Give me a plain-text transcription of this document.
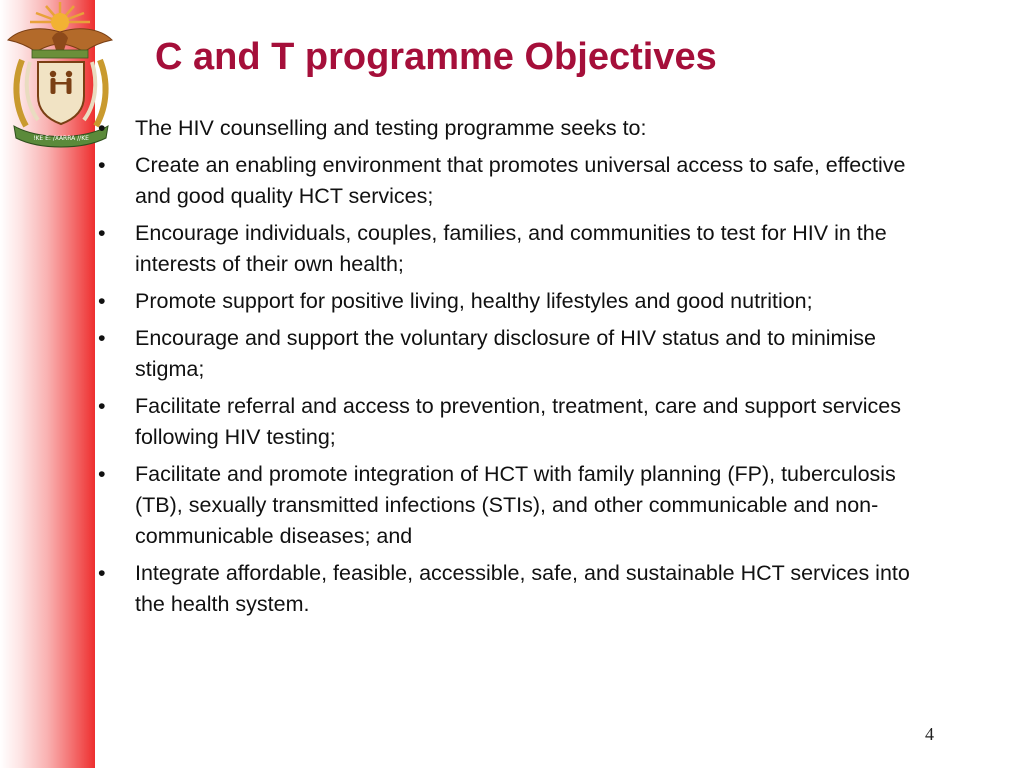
!KE E: /XARRA //KE
C and T programme Objectives
• The HIV counselling and testing programme seeks to:
• Create an enabling environment that promotes universal access to safe, effective and good quality HCT services;
• Encourage individuals, couples, families, and communities to test for HIV in the interests of their own health;
• Promote support for positive living, healthy lifestyles and good nutrition;
• Encourage and support the voluntary disclosure of HIV status and to minimise stigma;
• Facilitate referral and access to prevention, treatment, care and support services following HIV testing;
• Facilitate and promote integration of HCT with family planning (FP), tuberculosis (TB), sexually transmitted infections (STIs), and other communicable and non-communicable diseases; and
• Integrate affordable, feasible, accessible, safe, and sustainable HCT services into the health system.
4
